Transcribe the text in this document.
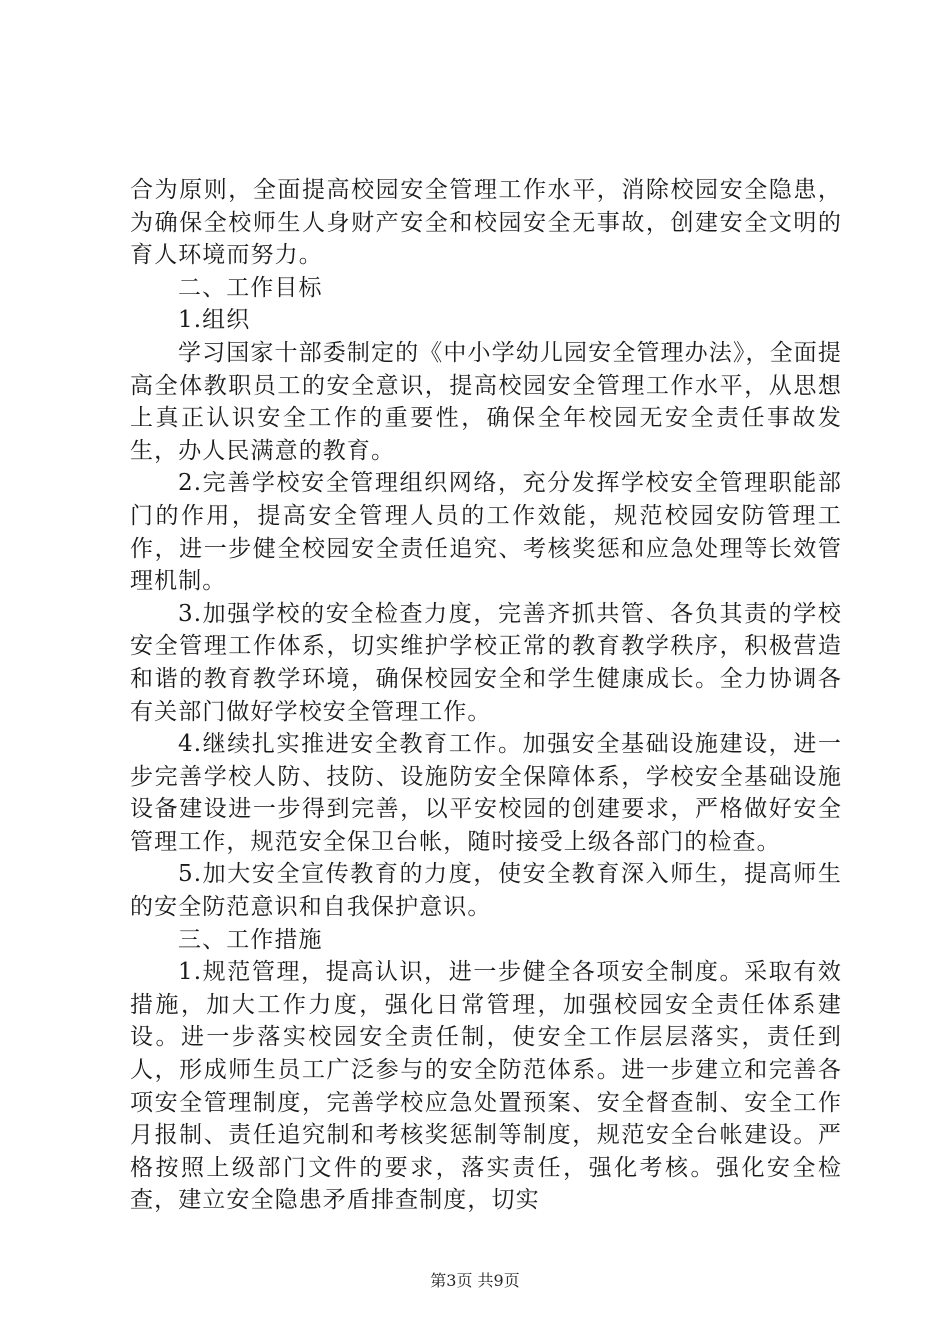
合为原则，全面提高校园安全管理工作水平，消除校园安全隐患，为确保全校师生人身财产安全和校园安全无事故，创建安全文明的育人环境而努力。

二、工作目标

1.组织

学习国家十部委制定的《中小学幼儿园安全管理办法》，全面提高全体教职员工的安全意识，提高校园安全管理工作水平，从思想上真正认识安全工作的重要性，确保全年校园无安全责任事故发生，办人民满意的教育。

2.完善学校安全管理组织网络，充分发挥学校安全管理职能部门的作用，提高安全管理人员的工作效能，规范校园安防管理工作，进一步健全校园安全责任追究、考核奖惩和应急处理等长效管理机制。

3.加强学校的安全检查力度，完善齐抓共管、各负其责的学校安全管理工作体系，切实维护学校正常的教育教学秩序，积极营造和谐的教育教学环境，确保校园安全和学生健康成长。全力协调各有关部门做好学校安全管理工作。

4.继续扎实推进安全教育工作。加强安全基础设施建设，进一步完善学校人防、技防、设施防安全保障体系，学校安全基础设施设备建设进一步得到完善，以平安校园的创建要求，严格做好安全管理工作，规范安全保卫台帐，随时接受上级各部门的检查。

5.加大安全宣传教育的力度，使安全教育深入师生，提高师生的安全防范意识和自我保护意识。

三、工作措施

1.规范管理，提高认识，进一步健全各项安全制度。采取有效措施，加大工作力度，强化日常管理，加强校园安全责任体系建设。进一步落实校园安全责任制，使安全工作层层落实，责任到人，形成师生员工广泛参与的安全防范体系。进一步建立和完善各项安全管理制度，完善学校应急处置预案、安全督查制、安全工作月报制、责任追究制和考核奖惩制等制度，规范安全台帐建设。严格按照上级部门文件的要求，落实责任，强化考核。强化安全检查，建立安全隐患矛盾排查制度，切实

第3页 共9页
